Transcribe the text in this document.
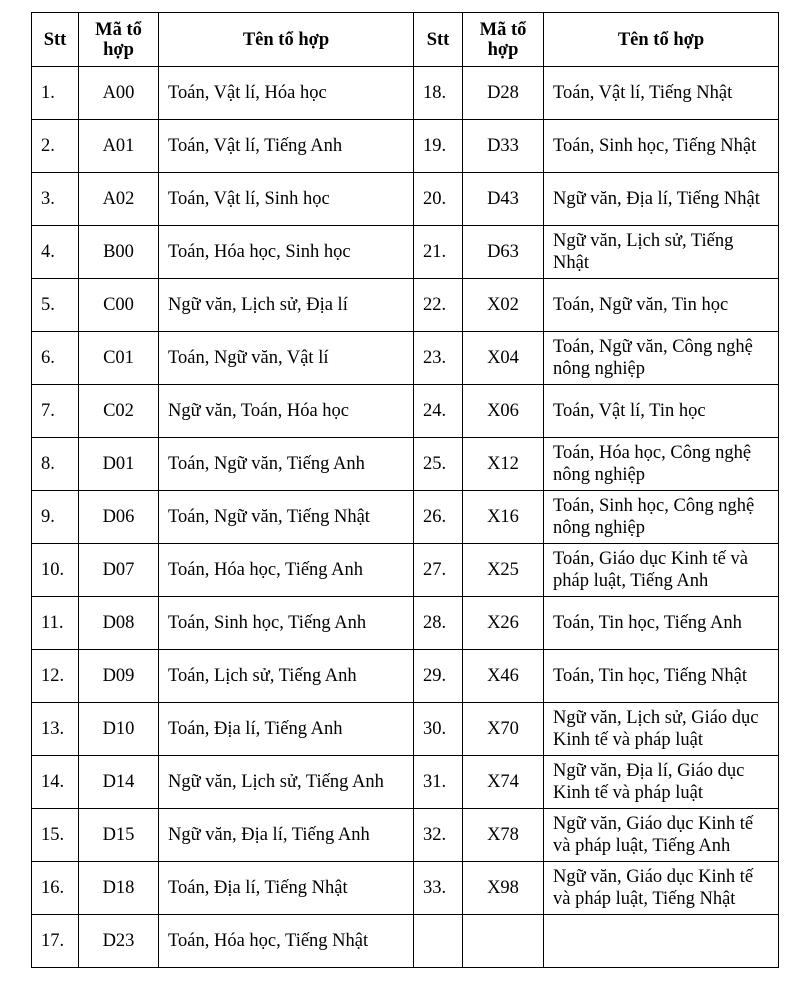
Stt	Mã tổ hợp	Tên tổ hợp	Stt	Mã tổ hợp	Tên tổ hợp
1.	A00	Toán, Vật lí, Hóa học	18.	D28	Toán, Vật lí, Tiếng Nhật
2.	A01	Toán, Vật lí, Tiếng Anh	19.	D33	Toán, Sinh học, Tiếng Nhật
3.	A02	Toán, Vật lí, Sinh học	20.	D43	Ngữ văn, Địa lí, Tiếng Nhật
4.	B00	Toán, Hóa học, Sinh học	21.	D63	Ngữ văn, Lịch sử, Tiếng Nhật
5.	C00	Ngữ văn, Lịch sử, Địa lí	22.	X02	Toán, Ngữ văn, Tin học
6.	C01	Toán, Ngữ văn, Vật lí	23.	X04	Toán, Ngữ văn, Công nghệ nông nghiệp
7.	C02	Ngữ văn, Toán, Hóa học	24.	X06	Toán, Vật lí, Tin học
8.	D01	Toán, Ngữ văn, Tiếng Anh	25.	X12	Toán, Hóa học, Công nghệ nông nghiệp
9.	D06	Toán, Ngữ văn, Tiếng Nhật	26.	X16	Toán, Sinh học, Công nghệ nông nghiệp
10.	D07	Toán, Hóa học, Tiếng Anh	27.	X25	Toán, Giáo dục Kinh tế và pháp luật, Tiếng Anh
11.	D08	Toán, Sinh học, Tiếng Anh	28.	X26	Toán, Tin học, Tiếng Anh
12.	D09	Toán, Lịch sử, Tiếng Anh	29.	X46	Toán, Tin học, Tiếng Nhật
13.	D10	Toán, Địa lí, Tiếng Anh	30.	X70	Ngữ văn, Lịch sử, Giáo dục Kinh tế và pháp luật
14.	D14	Ngữ văn, Lịch sử, Tiếng Anh	31.	X74	Ngữ văn, Địa lí, Giáo dục Kinh tế và pháp luật
15.	D15	Ngữ văn, Địa lí, Tiếng Anh	32.	X78	Ngữ văn, Giáo dục Kinh tế và pháp luật, Tiếng Anh
16.	D18	Toán, Địa lí, Tiếng Nhật	33.	X98	Ngữ văn, Giáo dục Kinh tế và pháp luật, Tiếng Nhật
17.	D23	Toán, Hóa học, Tiếng Nhật			
